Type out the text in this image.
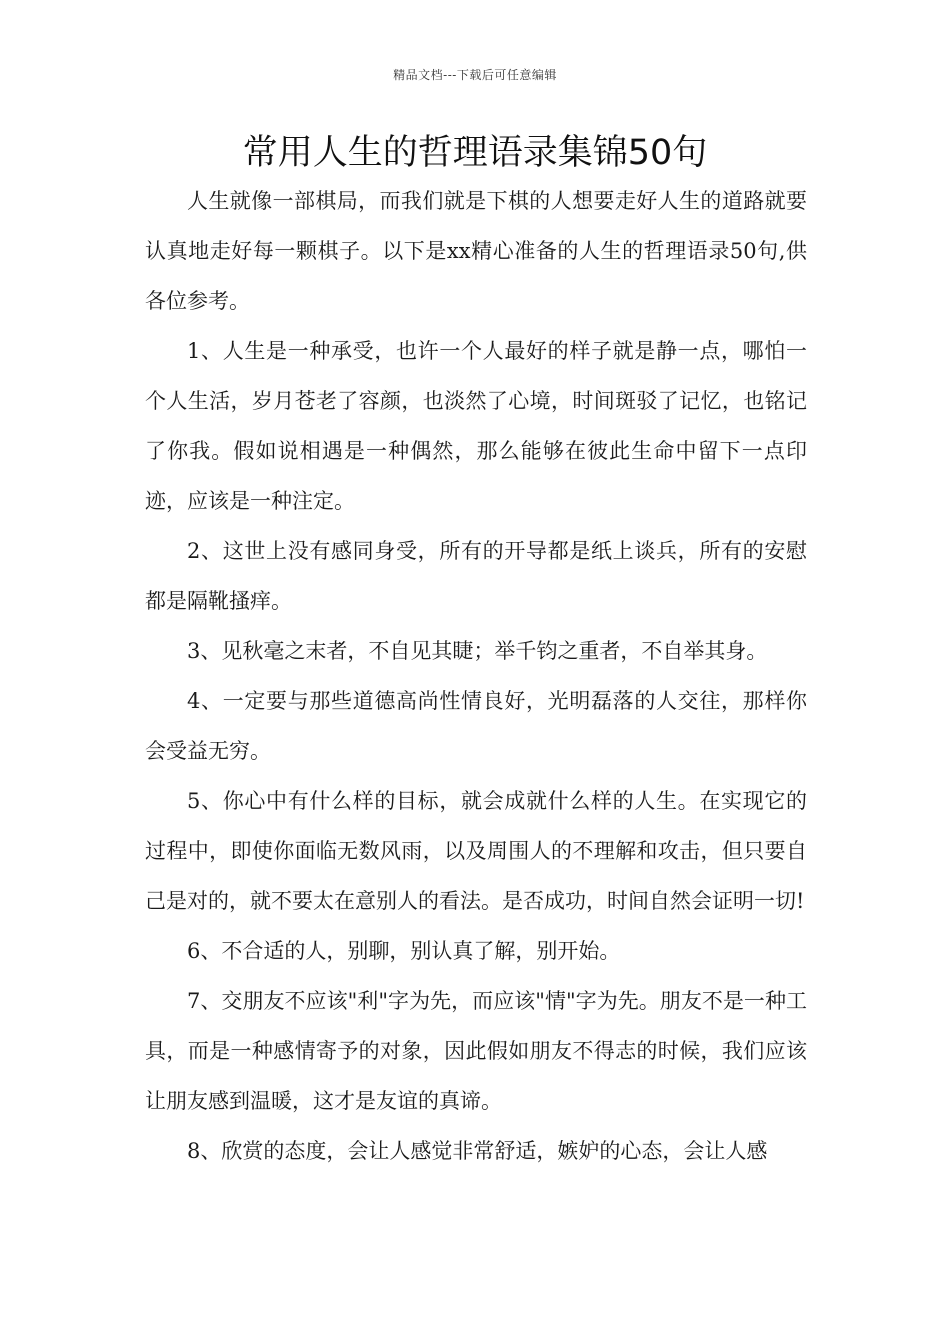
精品文档---下载后可任意编辑
常用人生的哲理语录集锦50句

人生就像一部棋局，而我们就是下棋的人想要走好人生的道路就要认真地走好每一颗棋子。以下是xx精心准备的人生的哲理语录50句,供各位参考。

1、人生是一种承受，也许一个人最好的样子就是静一点，哪怕一个人生活，岁月苍老了容颜，也淡然了心境，时间斑驳了记忆，也铭记了你我。假如说相遇是一种偶然，那么能够在彼此生命中留下一点印迹，应该是一种注定。

2、这世上没有感同身受，所有的开导都是纸上谈兵，所有的安慰都是隔靴搔痒。

3、见秋毫之末者，不自见其睫；举千钧之重者，不自举其身。

4、一定要与那些道德高尚性情良好，光明磊落的人交往，那样你会受益无穷。

5、你心中有什么样的目标，就会成就什么样的人生。在实现它的过程中，即使你面临无数风雨，以及周围人的不理解和攻击，但只要自己是对的，就不要太在意别人的看法。是否成功，时间自然会证明一切!

6、不合适的人，别聊，别认真了解，别开始。

7、交朋友不应该"利"字为先，而应该"情"字为先。朋友不是一种工具，而是一种感情寄予的对象，因此假如朋友不得志的时候，我们应该让朋友感到温暖，这才是友谊的真谛。

8、欣赏的态度，会让人感觉非常舒适，嫉妒的心态，会让人感
